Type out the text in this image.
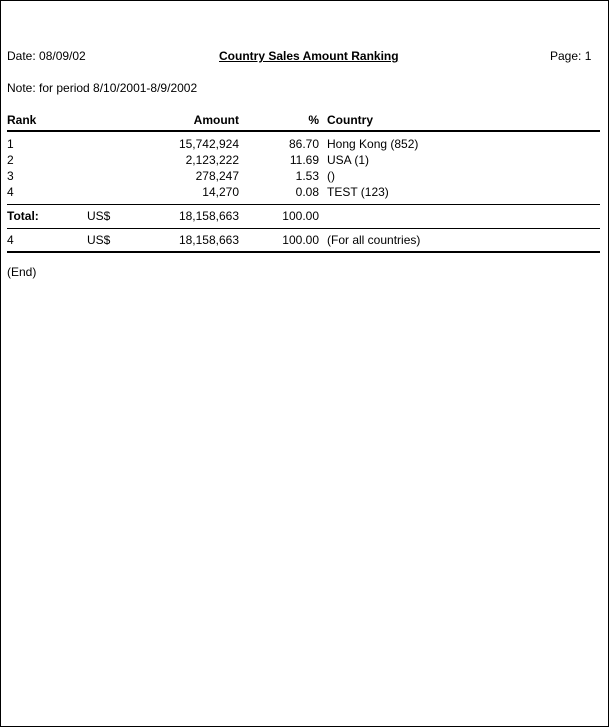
Date: 08/09/02	Country Sales Amount Ranking	Page: 1
Note: for period 8/10/2001-8/9/2002
Rank	Amount	% Country
1	15,742,924	86.70 Hong Kong (852)
2	2,123,222	11.69 USA (1)
3	278,247	1.53 ()
4	14,270	0.08 TEST (123)
Total:	US$	18,158,663	100.00
4	US$	18,158,663	100.00 (For all countries)
(End)
